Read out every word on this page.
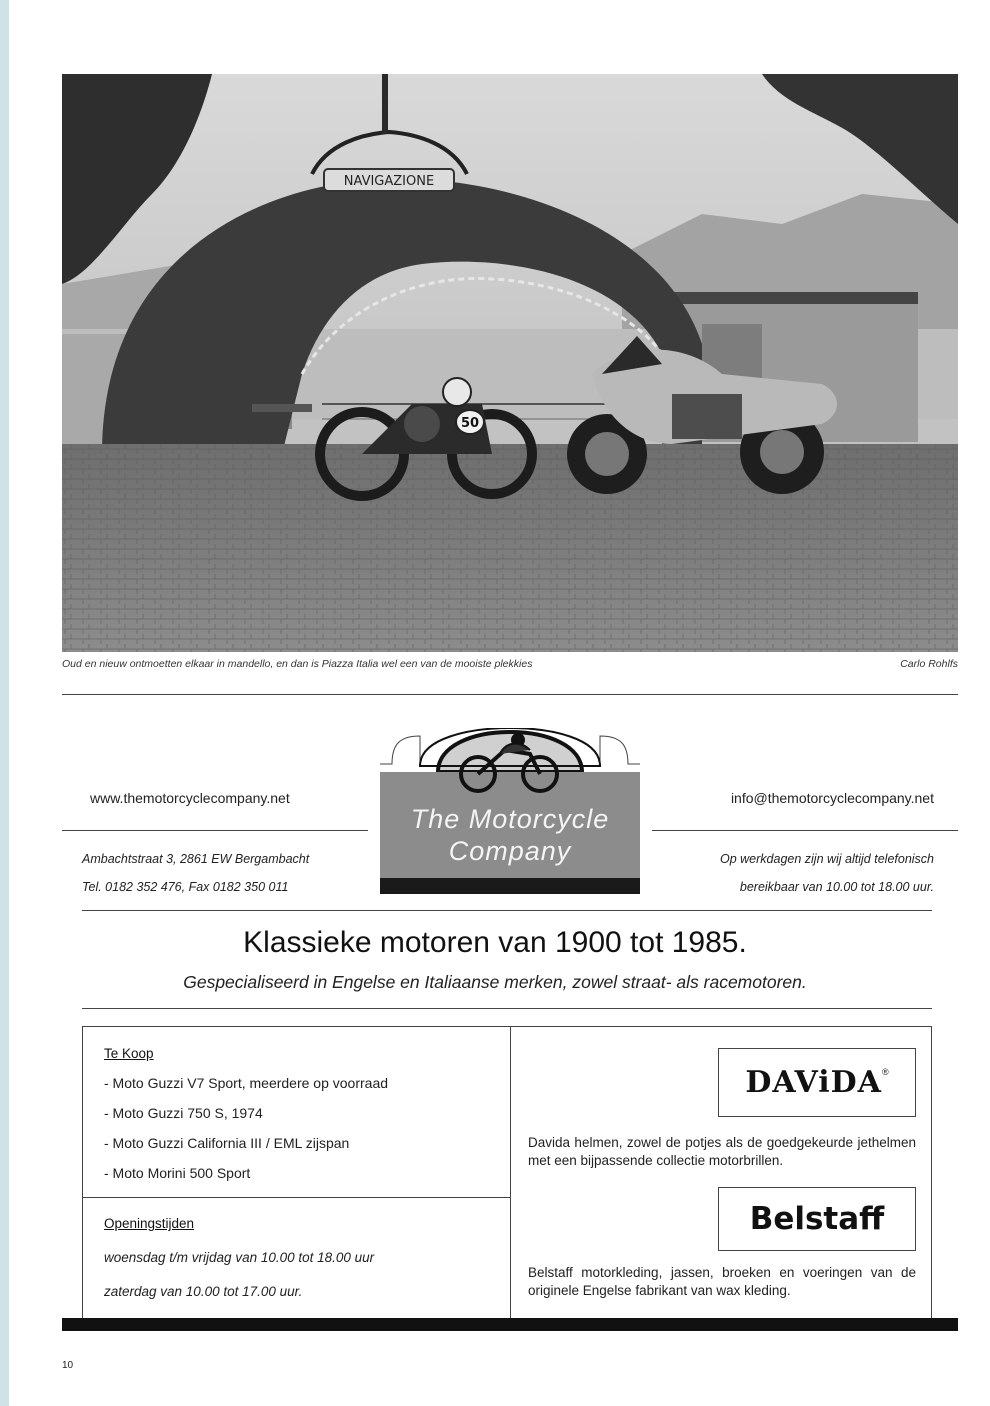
NAVIGAZIONE
50
Oud en nieuw ontmoetten elkaar in mandello, en dan is Piazza Italia wel een van de mooiste plekkies	Carlo Rohlfs
www.themotorcyclecompany.net	info@themotorcyclecompany.net
Ambachtstraat 3, 2861 EW Bergambacht
Tel. 0182 352 476, Fax 0182 350 011
Op werkdagen zijn wij altijd telefonisch
bereikbaar van 10.00 tot 18.00 uur.
The Motorcycle
Company
Klassieke motoren van 1900 tot 1985.
Gespecialiseerd in Engelse en Italiaanse merken, zowel straat- als racemotoren.
Te Koop
- Moto Guzzi V7 Sport, meerdere op voorraad
- Moto Guzzi 750 S, 1974
- Moto Guzzi California III / EML zijspan
- Moto Morini 500 Sport
Openingstijden
woensdag t/m vrijdag van 10.00 tot 18.00 uur
zaterdag van 10.00 tot 17.00 uur.
DAViDA ®
Davida helmen, zowel de potjes als de goedgekeurde jethelmen met een bijpassende collectie motorbrillen.
Belstaff
Belstaff motorkleding, jassen, broeken en voeringen van de originele Engelse fabrikant van wax kleding.
10
